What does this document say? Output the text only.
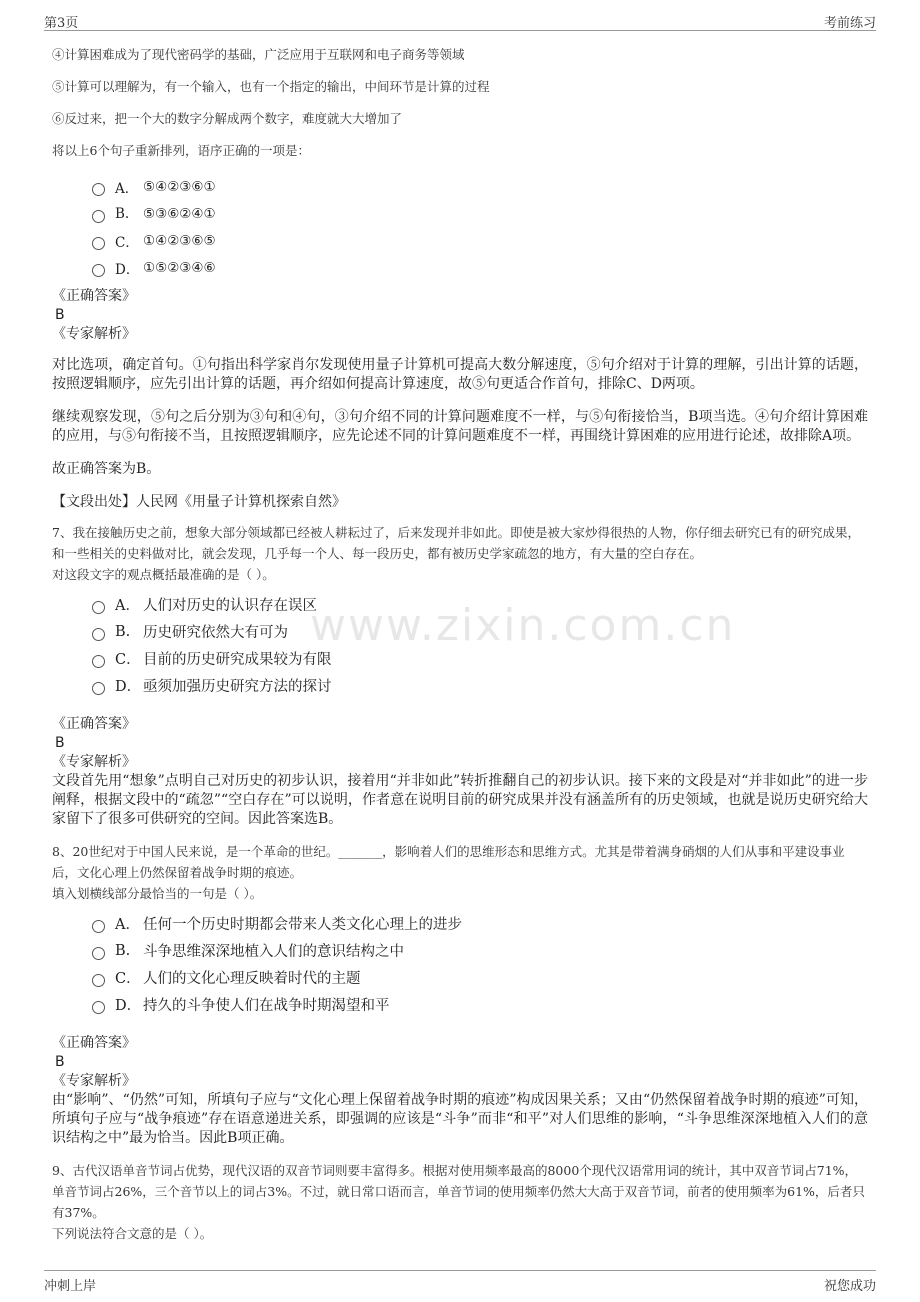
第3页	考前练习
www.zixin.com.cn

④计算困难成为了现代密码学的基础，广泛应用于互联网和电子商务等领域

⑤计算可以理解为，有一个输入，也有一个指定的输出，中间环节是计算的过程

⑥反过来，把一个大的数字分解成两个数字，难度就大大增加了

将以上6个句子重新排列，语序正确的一项是：

A． ⑤④②③⑥①
B.	⑤③⑥②④①
C． ①④②③⑥⑤
D． ①⑤②③④⑥

《正确答案》

B

《专家解析》

对比选项，确定首句。①句指出科学家肖尔发现使用量子计算机可提高大数分解速度，⑤句介绍对于计算的理解，引出计算的话题，按照逻辑顺序，应先引出计算的话题，再介绍如何提高计算速度，故⑤句更适合作首句，排除C、D两项。

继续观察发现，⑤句之后分别为③句和④句，③句介绍不同的计算问题难度不一样，与⑤句衔接恰当，B项当选。④句介绍计算困难的应用，与⑤句衔接不当，且按照逻辑顺序，应先论述不同的计算问题难度不一样，再围绕计算困难的应用进行论述，故排除A项。

故正确答案为B。

【文段出处】人民网《用量子计算机探索自然》

7、我在接触历史之前，想象大部分领域都已经被人耕耘过了，后来发现并非如此。即使是被大家炒得很热的人物，你仔细去研究已有的研究成果，和一些相关的史料做对比，就会发现，几乎每一个人、每一段历史，都有被历史学家疏忽的地方，有大量的空白存在。

对这段文字的观点概括最准确的是（ ）。

A． 人们对历史的认识存在误区
B. 历史研究依然大有可为
C． 目前的历史研究成果较为有限
D． 亟须加强历史研究方法的探讨

《正确答案》

B

《专家解析》

文段首先用“想象”点明自己对历史的初步认识，接着用“并非如此”转折推翻自己的初步认识。接下来的文段是对“并非如此”的进一步阐释，根据文段中的“疏忽”“空白存在”可以说明，作者意在说明目前的研究成果并没有涵盖所有的历史领域，也就是说历史研究给大家留下了很多可供研究的空间。因此答案选B。

8、20世纪对于中国人民来说，是一个革命的世纪。_______，影响着人们的思维形态和思维方式。尤其是带着满身硝烟的人们从事和平建设事业后，文化心理上仍然保留着战争时期的痕迹。

填入划横线部分最恰当的一句是（ ）。

A． 任何一个历史时期都会带来人类文化心理上的进步
B. 斗争思维深深地植入人们的意识结构之中
C． 人们的文化心理反映着时代的主题
D． 持久的斗争使人们在战争时期渴望和平

《正确答案》

B

《专家解析》

由“影响”、“仍然”可知，所填句子应与“文化心理上保留着战争时期的痕迹”构成因果关系；又由“仍然保留着战争时期的痕迹”可知，所填句子应与“战争痕迹”存在语意递进关系，即强调的应该是“斗争”而非“和平”对人们思维的影响，“斗争思维深深地植入人们的意识结构之中”最为恰当。因此B项正确。

9、古代汉语单音节词占优势，现代汉语的双音节词则要丰富得多。根据对使用频率最高的8000个现代汉语常用词的统计，其中双音节词占71%，单音节词占26%，三个音节以上的词占3%。不过，就日常口语而言，单音节词的使用频率仍然大大高于双音节词，前者的使用频率为61%，后者只有37%。

下列说法符合文意的是（ ）。

冲刺上岸	祝您成功
